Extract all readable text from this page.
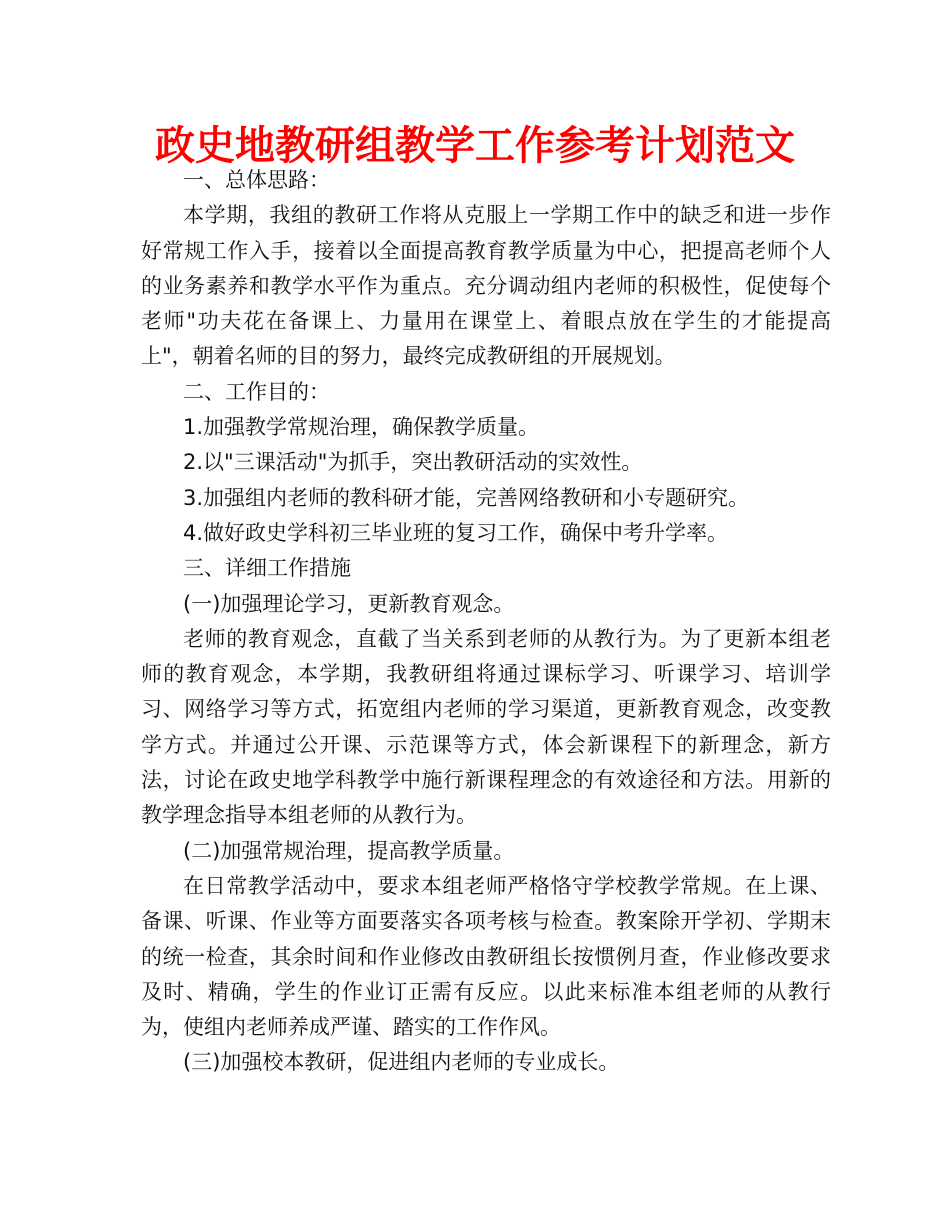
政史地教研组教学工作参考计划范文

一、总体思路：

本学期，我组的教研工作将从克服上一学期工作中的缺乏和进一步作好常规工作入手，接着以全面提高教育教学质量为中心，把提高老师个人的业务素养和教学水平作为重点。充分调动组内老师的积极性，促使每个老师"功夫花在备课上、力量用在课堂上、着眼点放在学生的才能提高上"，朝着名师的目的努力，最终完成教研组的开展规划。

二、工作目的：

1.加强教学常规治理，确保教学质量。

2.以"三课活动"为抓手，突出教研活动的实效性。

3.加强组内老师的教科研才能，完善网络教研和小专题研究。

4.做好政史学科初三毕业班的复习工作，确保中考升学率。

三、详细工作措施

(一)加强理论学习，更新教育观念。

老师的教育观念，直截了当关系到老师的从教行为。为了更新本组老师的教育观念，本学期，我教研组将通过课标学习、听课学习、培训学习、网络学习等方式，拓宽组内老师的学习渠道，更新教育观念，改变教学方式。并通过公开课、示范课等方式，体会新课程下的新理念，新方法，讨论在政史地学科教学中施行新课程理念的有效途径和方法。用新的教学理念指导本组老师的从教行为。

(二)加强常规治理，提高教学质量。

在日常教学活动中，要求本组老师严格恪守学校教学常规。在上课、备课、听课、作业等方面要落实各项考核与检查。教案除开学初、学期末的统一检查，其余时间和作业修改由教研组长按惯例月查，作业修改要求及时、精确，学生的作业订正需有反应。以此来标准本组老师的从教行为，使组内老师养成严谨、踏实的工作作风。

(三)加强校本教研，促进组内老师的专业成长。
